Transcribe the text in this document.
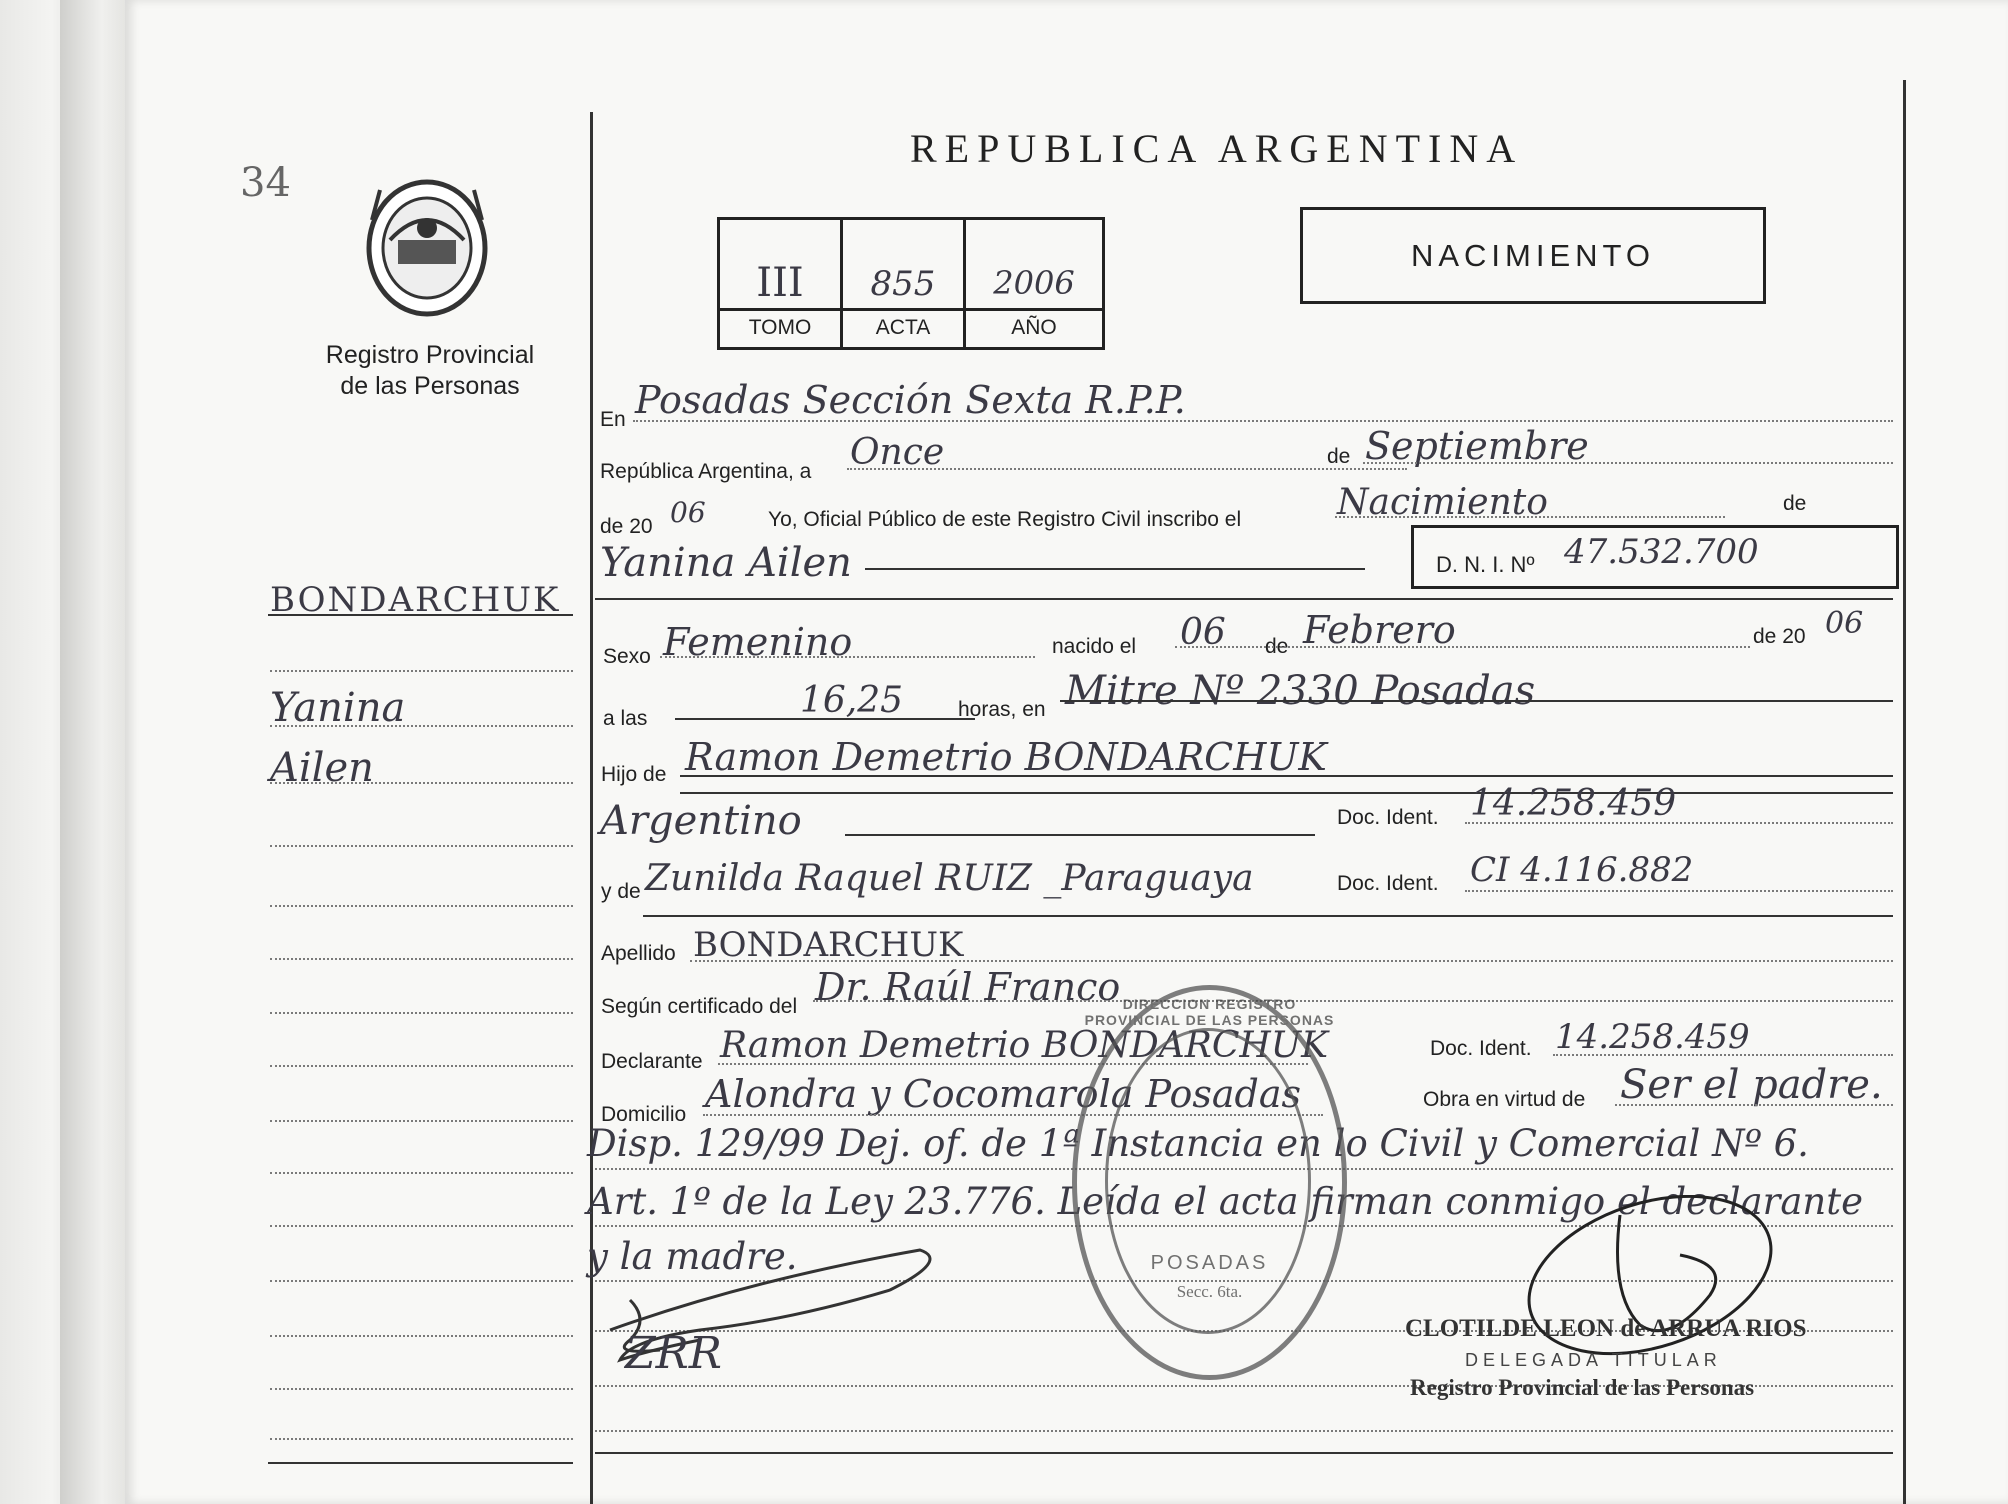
34
Registro Provincial
de las Personas
BONDARCHUK
Yanina
Ailen
REPUBLICA ARGENTINA
III	855	2006
TOMO	ACTA	AÑO
NACIMIENTO
En Posadas Sección Sexta R.P.P.
República Argentina, a Once	de Septiembre
de 20 06	Yo, Oficial Público de este Registro Civil inscribo el	Nacimiento	de
Yanina Ailen	D. N. I. Nº 47.532.700
Sexo Femenino	nacido el 06 de Febrero	de 20 06
a las	16,25	horas, en Mitre Nº 2330 Posadas
Hijo de Ramon Demetrio BONDARCHUK
Argentino	Doc. Ident. 14.258.459
y de Zunilda Raquel RUIZ _Paraguaya	Doc. Ident. CI 4.116.882
Apellido BONDARCHUK
Según certificado del Dr. Raúl Franco
Declarante Ramon Demetrio BONDARCHUK	Doc. Ident. 14.258.459
Domicilio Alondra y Cocomarola Posadas	Obra en virtud de Ser el padre.
Disp. 129/99 Dej. of. de 1ª Instancia en lo Civil y Comercial Nº 6.
Art. 1º de la Ley 23.776. Leída el acta firman conmigo el declarante
y la madre.
DIRECCION REGISTRO PROVINCIAL DE LAS PERSONAS
POSADAS
Secc. 6ta.
ZRR	CLOTILDE LEON de ARRUA RIOS
DELEGADA TITULAR
Registro Provincial de las Personas
